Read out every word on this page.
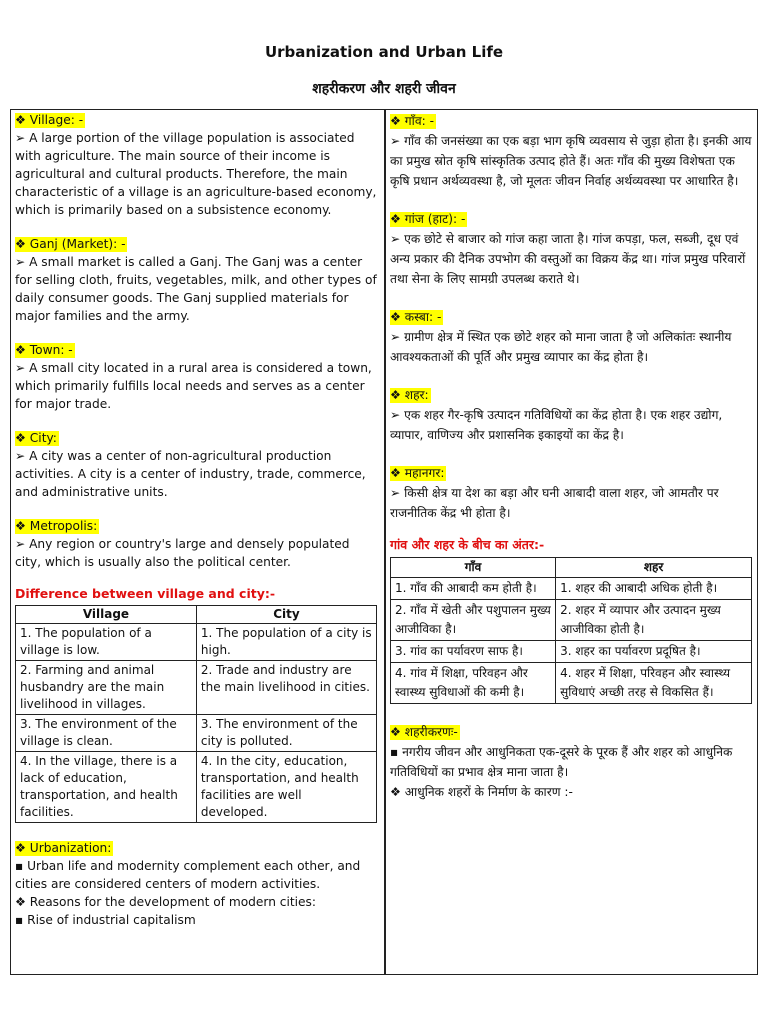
Urbanization and Urban Life
शहरीकरण और शहरी जीवन

❖ Village: -

➢ A large portion of the village population is associated with agriculture. The main source of their income is agricultural and cultural products. Therefore, the main characteristic of a village is an agriculture-based economy, which is primarily based on a subsistence economy.

❖ Ganj (Market): -

➢ A small market is called a Ganj. The Ganj was a center for selling cloth, fruits, vegetables, milk, and other types of daily consumer goods. The Ganj supplied materials for major families and the army.

❖ Town: -

➢ A small city located in a rural area is considered a town, which primarily fulfills local needs and serves as a center for major trade.

❖ City:

➢ A city was a center of non-agricultural production activities. A city is a center of industry, trade, commerce, and administrative units.

❖ Metropolis:

➢ Any region or country's large and densely populated city, which is usually also the political center.

Difference between village and city:-
Village	City
1. The population of a village is low.	1. The population of a city is high.
2. Farming and animal husbandry are the main livelihood in villages.	2. Trade and industry are the main livelihood in cities.
3. The environment of the village is clean.	3. The environment of the city is polluted.
4. In the village, there is a lack of education, transportation, and health facilities.	4. In the city, education, transportation, and health facilities are well developed.

❖ Urbanization:

▪ Urban life and modernity complement each other, and cities are considered centers of modern activities.

❖ Reasons for the development of modern cities:

▪ Rise of industrial capitalism

❖ गाँव: -

➢ गाँव की जनसंख्या का एक बड़ा भाग कृषि व्यवसाय से जुड़ा होता है। इनकी आय का प्रमुख स्रोत कृषि सांस्कृतिक उत्पाद होते हैं। अतः गाँव की मुख्य विशेषता एक कृषि प्रधान अर्थव्यवस्था है, जो मूलतः जीवन निर्वाह अर्थव्यवस्था पर आधारित है।

❖ गांज (हाट): -

➢ एक छोटे से बाजार को गांज कहा जाता है। गांज कपड़ा, फल, सब्जी, दूध एवं अन्य प्रकार की दैनिक उपभोग की वस्तुओं का विक्रय केंद्र था। गांज प्रमुख परिवारों तथा सेना के लिए सामग्री उपलब्ध कराते थे।

❖ कस्बा: -

➢ ग्रामीण क्षेत्र में स्थित एक छोटे शहर को माना जाता है जो अलिकांतः स्थानीय आवश्यकताओं की पूर्ति और प्रमुख व्यापार का केंद्र होता है।

❖ शहर:

➢ एक शहर गैर-कृषि उत्पादन गतिविधियों का केंद्र होता है। एक शहर उद्योग, व्यापार, वाणिज्य और प्रशासनिक इकाइयों का केंद्र है।

❖ महानगर:

➢ किसी क्षेत्र या देश का बड़ा और घनी आबादी वाला शहर, जो आमतौर पर राजनीतिक केंद्र भी होता है।

गांव और शहर के बीच का अंतर:-
गाँव	शहर
1. गाँव की आबादी कम होती है।	1. शहर की आबादी अधिक होती है।
2. गाँव में खेती और पशुपालन मुख्य आजीविका है।	2. शहर में व्यापार और उत्पादन मुख्य आजीविका होती है।
3. गांव का पर्यावरण साफ है।	3. शहर का पर्यावरण प्रदूषित है।
4. गांव में शिक्षा, परिवहन और स्वास्थ्य सुविधाओं की कमी है।	4. शहर में शिक्षा, परिवहन और स्वास्थ्य सुविधाएं अच्छी तरह से विकसित हैं।

❖ शहरीकरणः-

▪ नगरीय जीवन और आधुनिकता एक-दूसरे के पूरक हैं और शहर को आधुनिक गतिविधियों का प्रभाव क्षेत्र माना जाता है।

❖ आधुनिक शहरों के निर्माण के कारण :-
